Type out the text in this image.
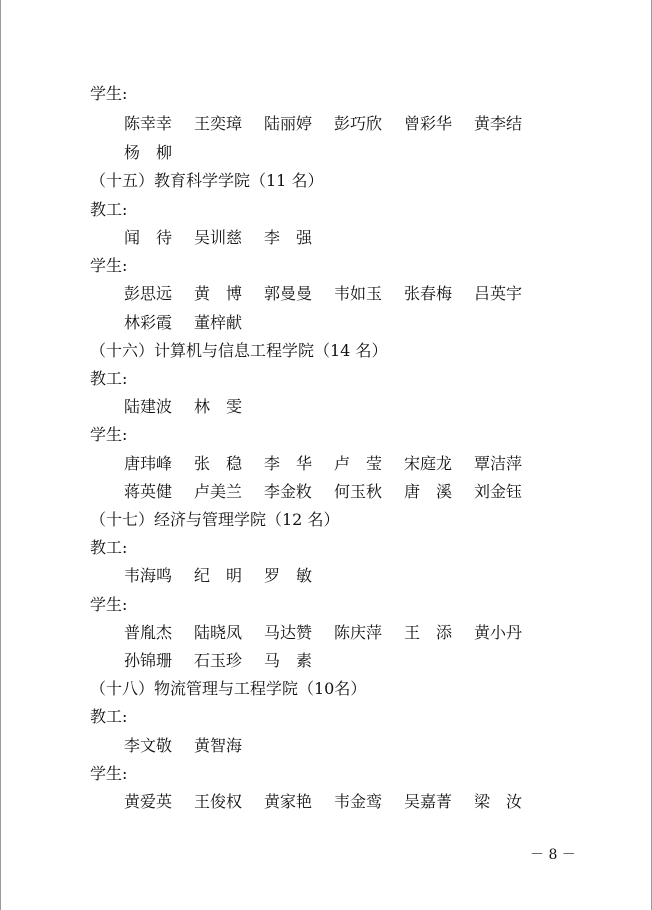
学生:
陈幸幸	王奕璋	陆丽婷	彭巧欣	曾彩华	黄李结
杨　柳
（十五）教育科学学院（11 名）
教工:
闻　待	吴训慈	李　强
学生:
彭思远	黄　博	郭曼曼	韦如玉	张春梅	吕英宇
林彩霞	董梓献
（十六）计算机与信息工程学院（14 名）
教工:
陆建波	林　雯
学生:
唐玮峰	张　稳	李　华	卢　莹	宋庭龙	覃洁萍
蒋英健	卢美兰	李金敉	何玉秋	唐　溪	刘金钰
（十七）经济与管理学院（12 名）
教工:
韦海鸣	纪　明	罗　敏
学生:
普胤杰	陆晓凤	马达赞	陈庆萍	王　添	黄小丹
孙锦珊	石玉珍	马　素
（十八）物流管理与工程学院（10名）
教工:
李文敬	黄智海
学生:
黄爱英	王俊权	黄家艳	韦金鸾	吴嘉菁	梁　汝
－ 8 －
